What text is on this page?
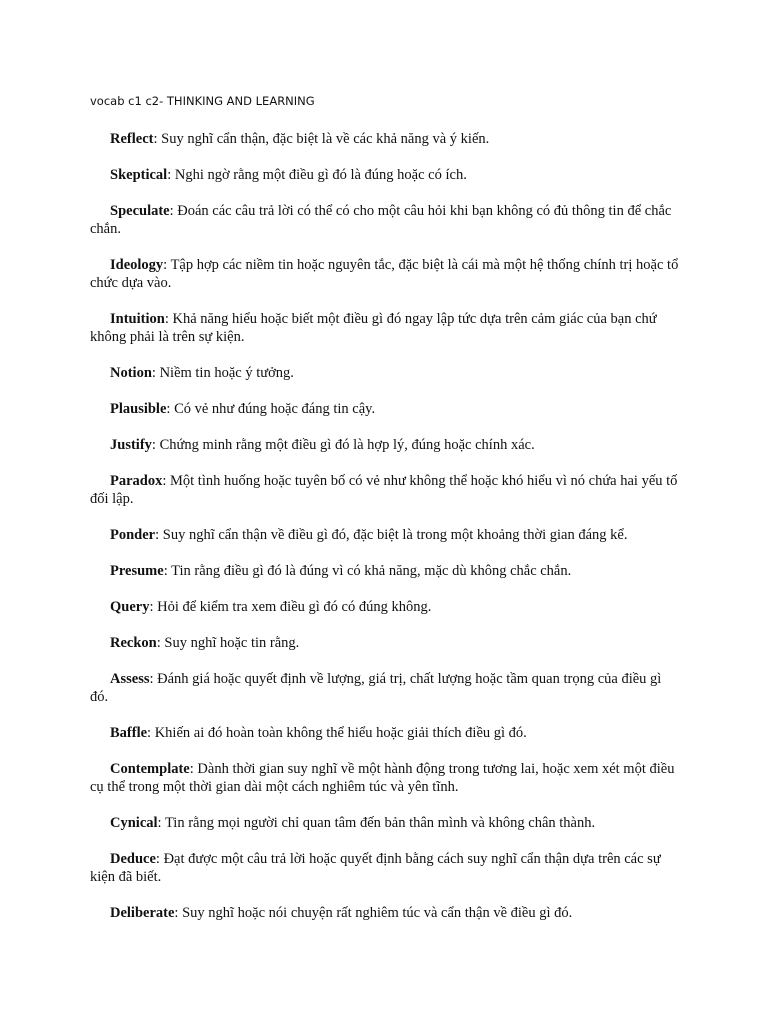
vocab c1 c2- THINKING AND LEARNING
Reflect: Suy nghĩ cẩn thận, đặc biệt là về các khả năng và ý kiến.
Skeptical: Nghi ngờ rằng một điều gì đó là đúng hoặc có ích.
Speculate: Đoán các câu trả lời có thể có cho một câu hỏi khi bạn không có đủ thông tin để chắc chắn.
Ideology: Tập hợp các niềm tin hoặc nguyên tắc, đặc biệt là cái mà một hệ thống chính trị hoặc tổ chức dựa vào.
Intuition: Khả năng hiểu hoặc biết một điều gì đó ngay lập tức dựa trên cảm giác của bạn chứ không phải là trên sự kiện.
Notion: Niềm tin hoặc ý tưởng.
Plausible: Có vẻ như đúng hoặc đáng tin cậy.
Justify: Chứng minh rằng một điều gì đó là hợp lý, đúng hoặc chính xác.
Paradox: Một tình huống hoặc tuyên bố có vẻ như không thể hoặc khó hiểu vì nó chứa hai yếu tố đối lập.
Ponder: Suy nghĩ cẩn thận về điều gì đó, đặc biệt là trong một khoảng thời gian đáng kể.
Presume: Tin rằng điều gì đó là đúng vì có khả năng, mặc dù không chắc chắn.
Query: Hỏi để kiểm tra xem điều gì đó có đúng không.
Reckon: Suy nghĩ hoặc tin rằng.
Assess: Đánh giá hoặc quyết định về lượng, giá trị, chất lượng hoặc tầm quan trọng của điều gì đó.
Baffle: Khiến ai đó hoàn toàn không thể hiểu hoặc giải thích điều gì đó.
Contemplate: Dành thời gian suy nghĩ về một hành động trong tương lai, hoặc xem xét một điều cụ thể trong một thời gian dài một cách nghiêm túc và yên tĩnh.
Cynical: Tin rằng mọi người chỉ quan tâm đến bản thân mình và không chân thành.
Deduce: Đạt được một câu trả lời hoặc quyết định bằng cách suy nghĩ cẩn thận dựa trên các sự kiện đã biết.
Deliberate: Suy nghĩ hoặc nói chuyện rất nghiêm túc và cẩn thận về điều gì đó.
